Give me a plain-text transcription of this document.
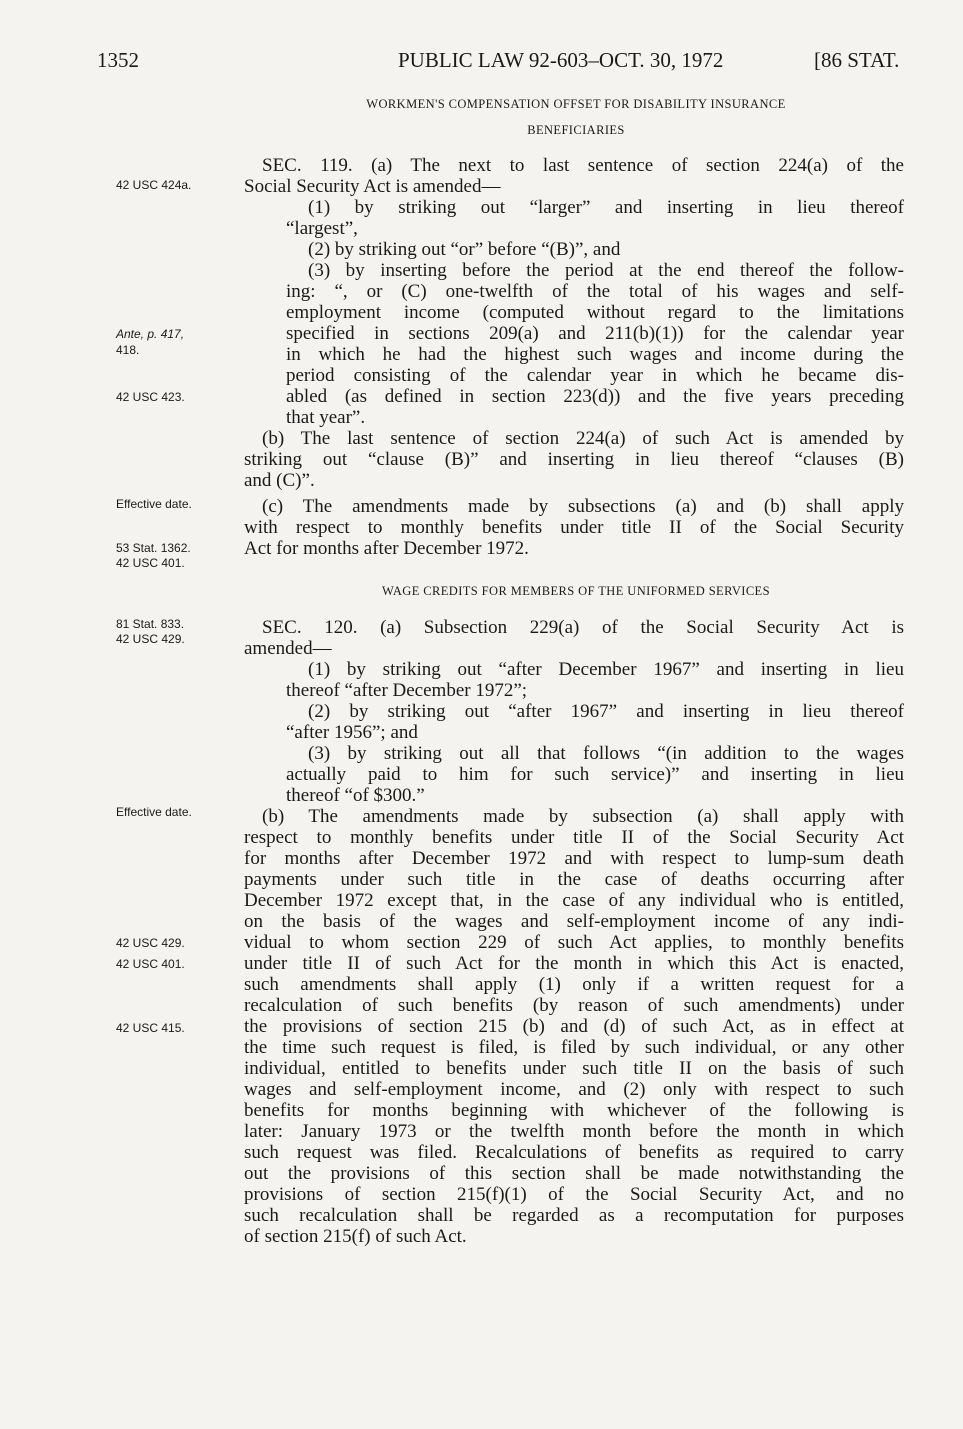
1352	PUBLIC LAW 92-603–OCT. 30, 1972	[86 STAT.
WORKMEN'S COMPENSATION OFFSET FOR DISABILITY INSURANCE
BENEFICIARIES
SEC. 119. (a) The next to last sentence of section 224(a) of the
Social Security Act is amended—
(1) by striking out “larger” and inserting in lieu thereof
“largest”,
(2) by striking out “or” before “(B)”, and
(3) by inserting before the period at the end thereof the follow-
ing: “, or (C) one-twelfth of the total of his wages and self-
employment income (computed without regard to the limitations
specified in sections 209(a) and 211(b)(1)) for the calendar year
in which he had the highest such wages and income during the
period consisting of the calendar year in which he became dis-
abled (as defined in section 223(d)) and the five years preceding
that year”.
(b) The last sentence of section 224(a) of such Act is amended by
striking out “clause (B)” and inserting in lieu thereof “clauses (B)
and (C)”.
(c) The amendments made by subsections (a) and (b) shall apply
with respect to monthly benefits under title II of the Social Security
Act for months after December 1972.
WAGE CREDITS FOR MEMBERS OF THE UNIFORMED SERVICES
SEC. 120. (a) Subsection 229(a) of the Social Security Act is
amended—
(1) by striking out “after December 1967” and inserting in lieu
thereof “after December 1972”;
(2) by striking out “after 1967” and inserting in lieu thereof
“after 1956”; and
(3) by striking out all that follows “(in addition to the wages
actually paid to him for such service)” and inserting in lieu
thereof “of $300.”
(b) The amendments made by subsection (a) shall apply with
respect to monthly benefits under title II of the Social Security Act
for months after December 1972 and with respect to lump-sum death
payments under such title in the case of deaths occurring after
December 1972 except that, in the case of any individual who is entitled,
on the basis of the wages and self-employment income of any indi-
vidual to whom section 229 of such Act applies, to monthly benefits
under title II of such Act for the month in which this Act is enacted,
such amendments shall apply (1) only if a written request for a
recalculation of such benefits (by reason of such amendments) under
the provisions of section 215 (b) and (d) of such Act, as in effect at
the time such request is filed, is filed by such individual, or any other
individual, entitled to benefits under such title II on the basis of such
wages and self-employment income, and (2) only with respect to such
benefits for months beginning with whichever of the following is
later: January 1973 or the twelfth month before the month in which
such request was filed. Recalculations of benefits as required to carry
out the provisions of this section shall be made notwithstanding the
provisions of section 215(f)(1) of the Social Security Act, and no
such recalculation shall be regarded as a recomputation for purposes
of section 215(f) of such Act.
42 USC 424a.
Ante, p. 417,
418.
42 USC 423.
Effective date.
53 Stat. 1362.
42 USC 401.
81 Stat. 833.
42 USC 429.
Effective date.
42 USC 429.
42 USC 401.
42 USC 415.
